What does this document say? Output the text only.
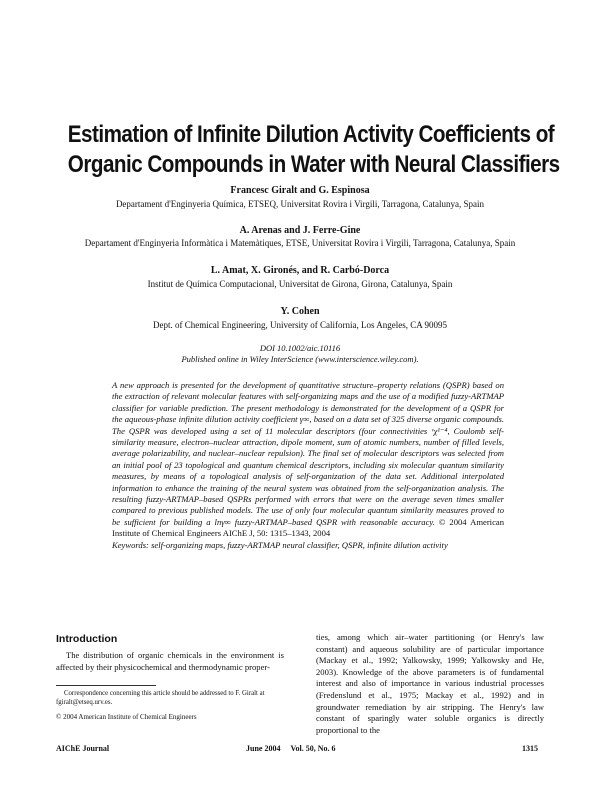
Estimation of Infinite Dilution Activity Coefficients of
Organic Compounds in Water with Neural Classifiers
Francesc Giralt and G. Espinosa
Departament d'Enginyeria Química, ETSEQ, Universitat Rovira i Virgili, Tarragona, Catalunya, Spain
A. Arenas and J. Ferre-Gine
Departament d'Enginyeria Informàtica i Matemàtiques, ETSE, Universitat Rovira i Virgili, Tarragona, Catalunya, Spain
L. Amat, X. Gironés, and R. Carbó-Dorca
Institut de Química Computacional, Universitat de Girona, Girona, Catalunya, Spain
Y. Cohen
Dept. of Chemical Engineering, University of California, Los Angeles, CA 90095
DOI 10.1002/aic.10116
Published online in Wiley InterScience (www.interscience.wiley.com).
A new approach is presented for the development of quantitative structure–property relations (QSPR) based on the extraction of relevant molecular features with self-organizing maps and the use of a modified fuzzy-ARTMAP classifier for variable prediction. The present methodology is demonstrated for the development of a QSPR for the aqueous-phase infinite dilution activity coefficient γ∞, based on a data set of 325 diverse organic compounds. The QSPR was developed using a set of 11 molecular descriptors (four connectivities ᵛχ¹⁻⁴, Coulomb self-similarity measure, electron–nuclear attraction, dipole moment, sum of atomic numbers, number of filled levels, average polarizability, and nuclear–nuclear repulsion). The final set of molecular descriptors was selected from an initial pool of 23 topological and quantum chemical descriptors, including six molecular quantum similarity measures, by means of a topological analysis of self-organization of the data set. Additional interpolated information to enhance the training of the neural system was obtained from the self-organization analysis. The resulting fuzzy-ARTMAP–based QSPRs performed with errors that were on the average seven times smaller compared to previous published models. The use of only four molecular quantum similarity measures proved to be sufficient for building a lnγ∞ fuzzy-ARTMAP–based QSPR with reasonable accuracy. © 2004 American Institute of Chemical Engineers AIChE J, 50: 1315–1343, 2004
Keywords: self-organizing maps, fuzzy-ARTMAP neural classifier, QSPR, infinite dilution activity
Introduction
The distribution of organic chemicals in the environment is affected by their physicochemical and thermodynamic proper-
Correspondence concerning this article should be addressed to F. Giralt at fgiralt@etseq.urv.es.
© 2004 American Institute of Chemical Engineers
ties, among which air–water partitioning (or Henry's law constant) and aqueous solubility are of particular importance (Mackay et al., 1992; Yalkowsky, 1999; Yalkowsky and He, 2003). Knowledge of the above parameters is of fundamental interest and also of importance in various industrial processes (Fredenslund et al., 1975; Mackay et al., 1992) and in groundwater remediation by air stripping. The Henry's law constant of sparingly water soluble organics is directly proportional to the
AIChE Journal	June 2004 Vol. 50, No. 6	1315
